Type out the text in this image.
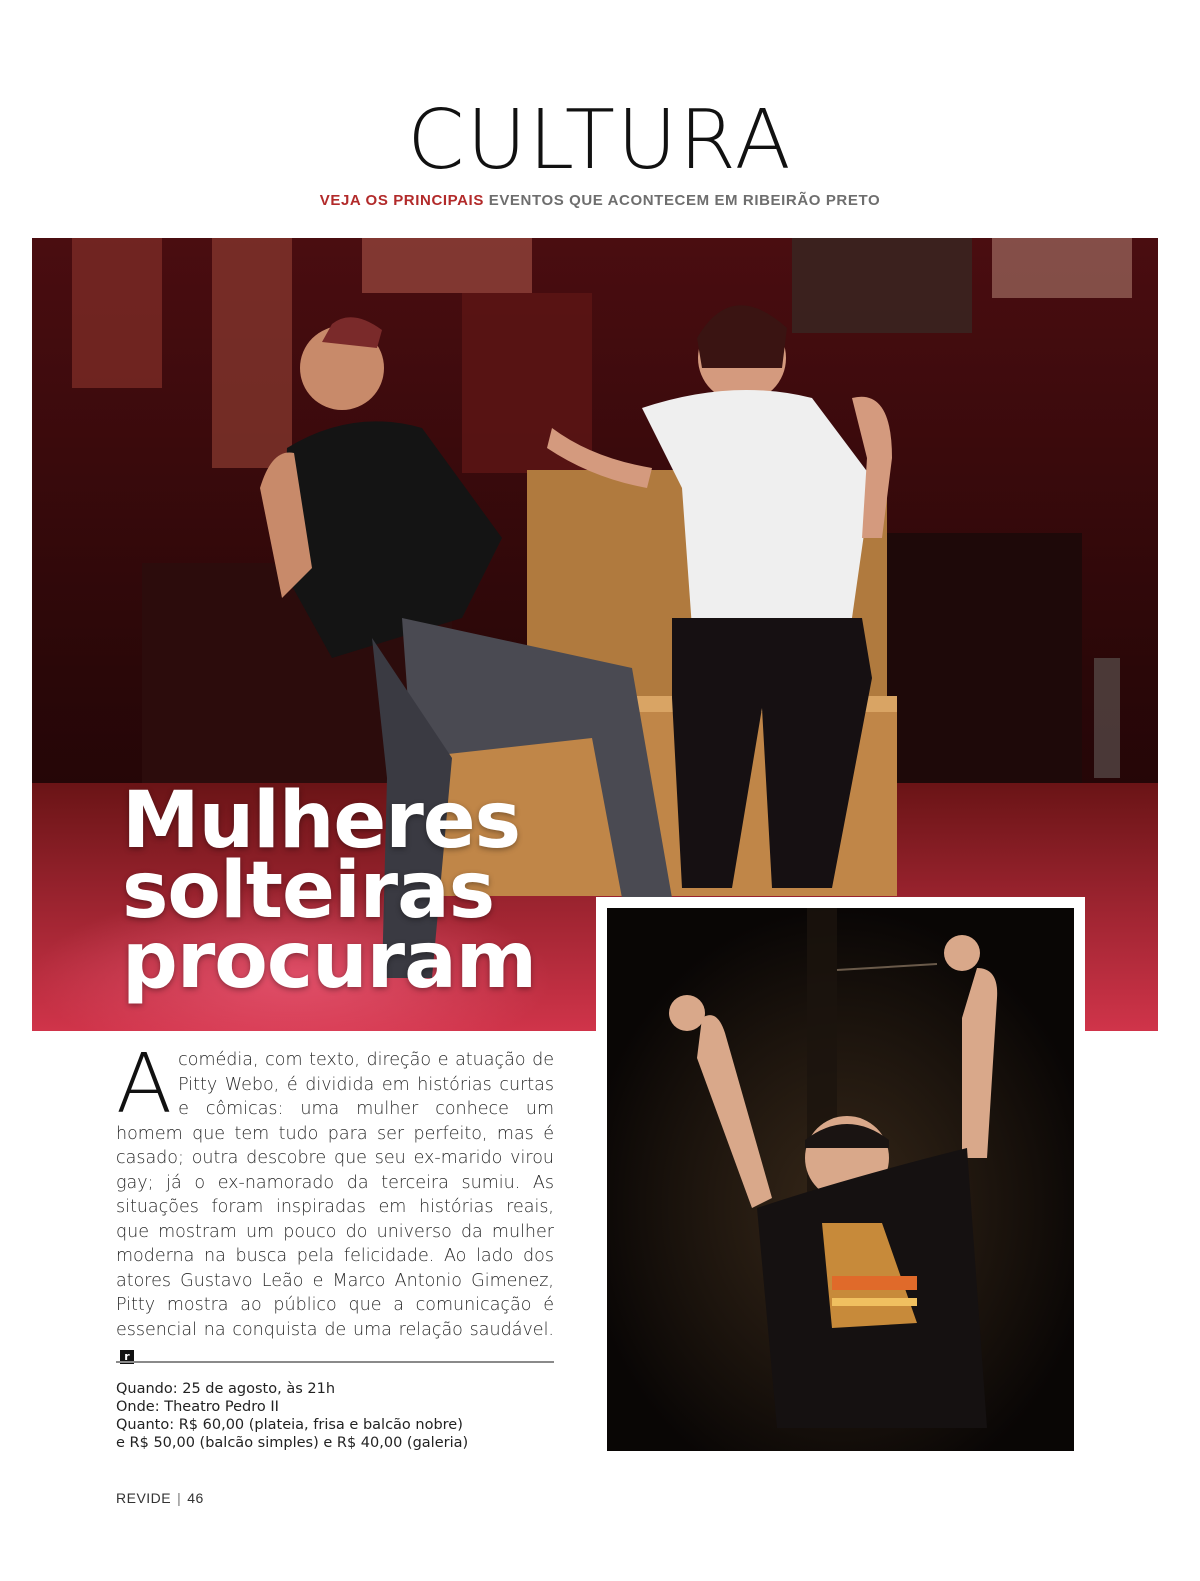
CULTURA
VEJA OS PRINCIPAIS EVENTOS QUE ACONTECEM EM RIBEIRÃO PRETO
Mulheres
solteiras
procuram
Acomédia, com texto, direção e atuação de Pitty Webo, é dividida em histórias curtas e cômicas: uma mulher conhece um homem que tem tudo para ser perfeito, mas é casado; outra descobre que seu ex-marido virou gay; já o ex-namorado da terceira sumiu. As situações foram inspiradas em histórias reais, que mostram um pouco do universo da mulher moderna na busca pela felicidade. Ao lado dos atores Gustavo Leão e Marco Antonio Gimenez, Pitty mostra ao público que a comunicação é essencial na conquista de uma relação saudável.r
Quando: 25 de agosto, às 21h
Onde: Theatro Pedro II
Quanto: R$ 60,00 (plateia, frisa e balcão nobre)
e R$ 50,00 (balcão simples) e R$ 40,00 (galeria)
REVIDE | 46
